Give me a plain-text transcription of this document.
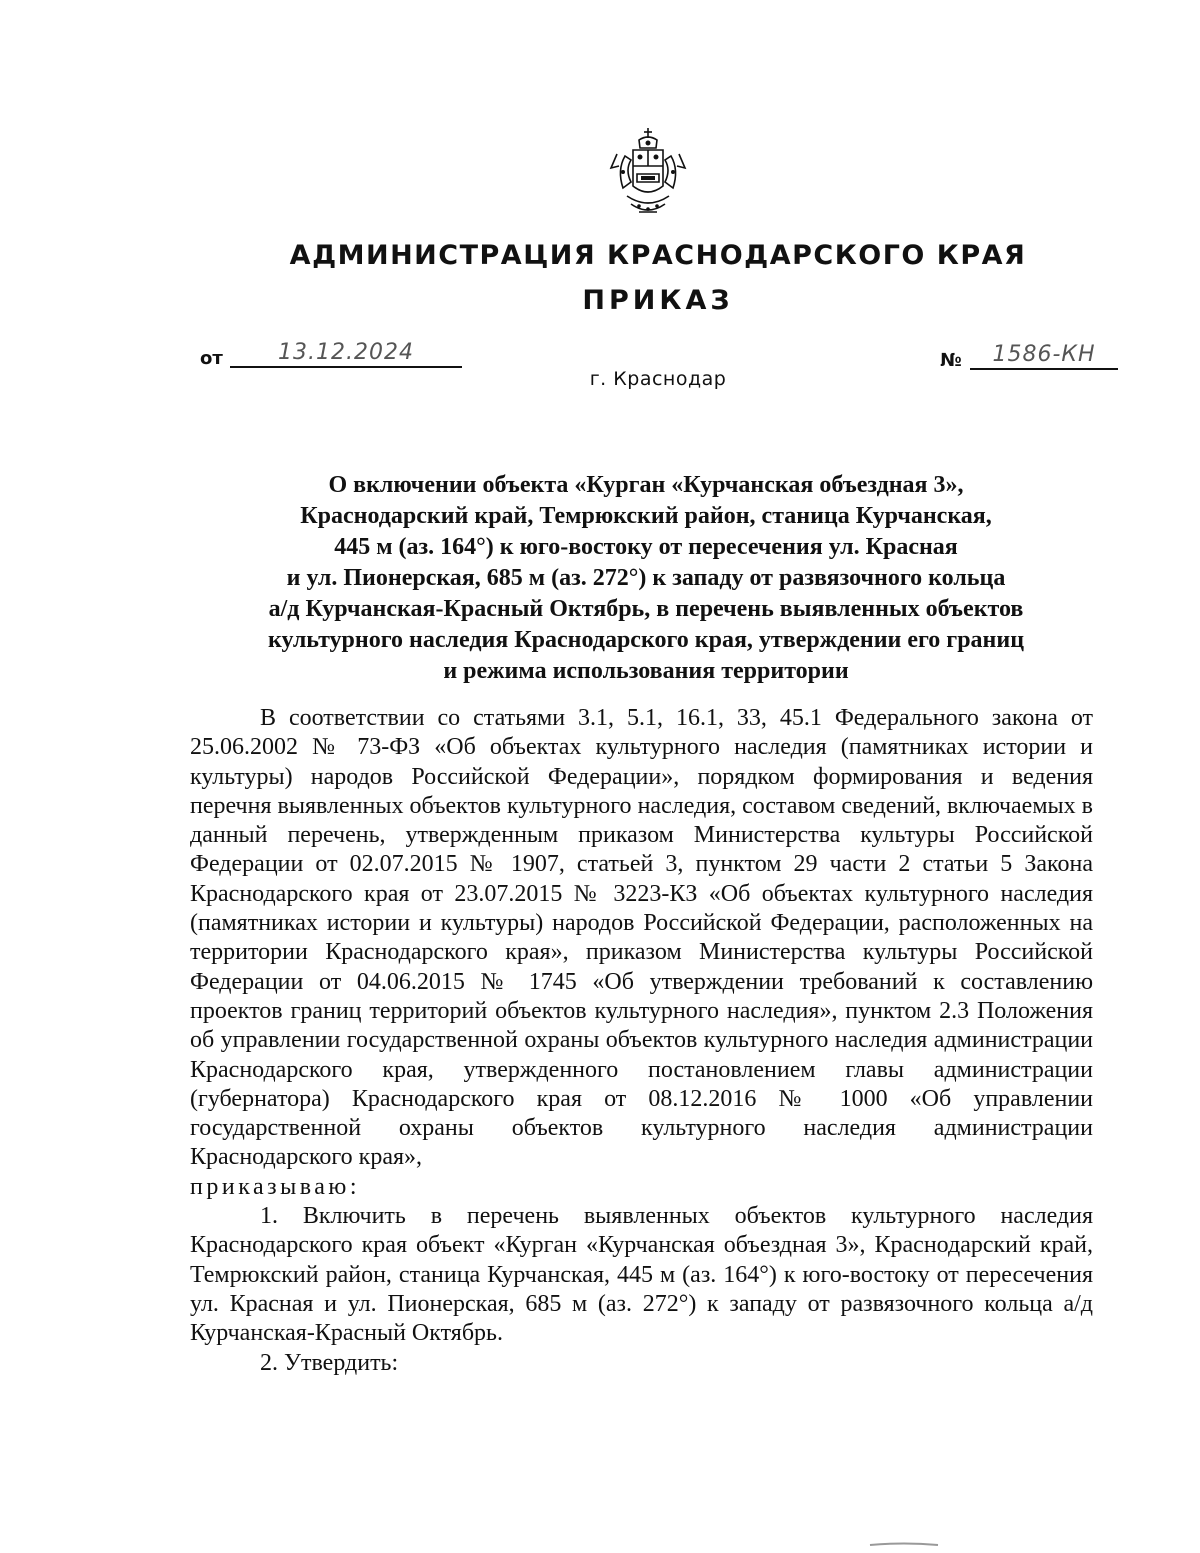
АДМИНИСТРАЦИЯ КРАСНОДАРСКОГО КРАЯ
ПРИКАЗ
от	13.12.2024	№	1586-КН
г. Краснодар
О включении объекта «Курган «Курчанская объездная 3»,
Краснодарский край, Темрюкский район, станица Курчанская,
445 м (аз. 164°) к юго-востоку от пересечения ул. Красная
и ул. Пионерская, 685 м (аз. 272°) к западу от развязочного кольца
а/д Курчанская-Красный Октябрь, в перечень выявленных объектов
культурного наследия Краснодарского края, утверждении его границ
и режима использования территории

В соответствии со статьями 3.1, 5.1, 16.1, 33, 45.1 Федерального закона от 25.06.2002 № 73-ФЗ «Об объектах культурного наследия (памятниках истории и культуры) народов Российской Федерации», порядком формирования и ведения перечня выявленных объектов культурного наследия, составом сведений, включаемых в данный перечень, утвержденным приказом Министерства культуры Российской Федерации от 02.07.2015 № 1907, статьей 3, пунктом 29 части 2 статьи 5 Закона Краснодарского края от 23.07.2015 № 3223-КЗ «Об объектах культурного наследия (памятниках истории и культуры) народов Российской Федерации, расположенных на территории Краснодарского края», приказом Министерства культуры Российской Федерации от 04.06.2015 № 1745 «Об утверждении требований к составлению проектов границ территорий объектов культурного наследия», пунктом 2.3 Положения об управлении государственной охраны объектов культурного наследия администрации Краснодарского края, утвержденного постановлением главы администрации (губернатора) Краснодарского края от 08.12.2016 № 1000 «Об управлении государственной охраны объектов культурного наследия администрации Краснодарского края»,

приказываю:

1. Включить в перечень выявленных объектов культурного наследия Краснодарского края объект «Курган «Курчанская объездная 3», Краснодарский край, Темрюкский район, станица Курчанская, 445 м (аз. 164°) к юго-востоку от пересечения ул. Красная и ул. Пионерская, 685 м (аз. 272°) к западу от развязочного кольца а/д Курчанская-Красный Октябрь.

2. Утвердить:
